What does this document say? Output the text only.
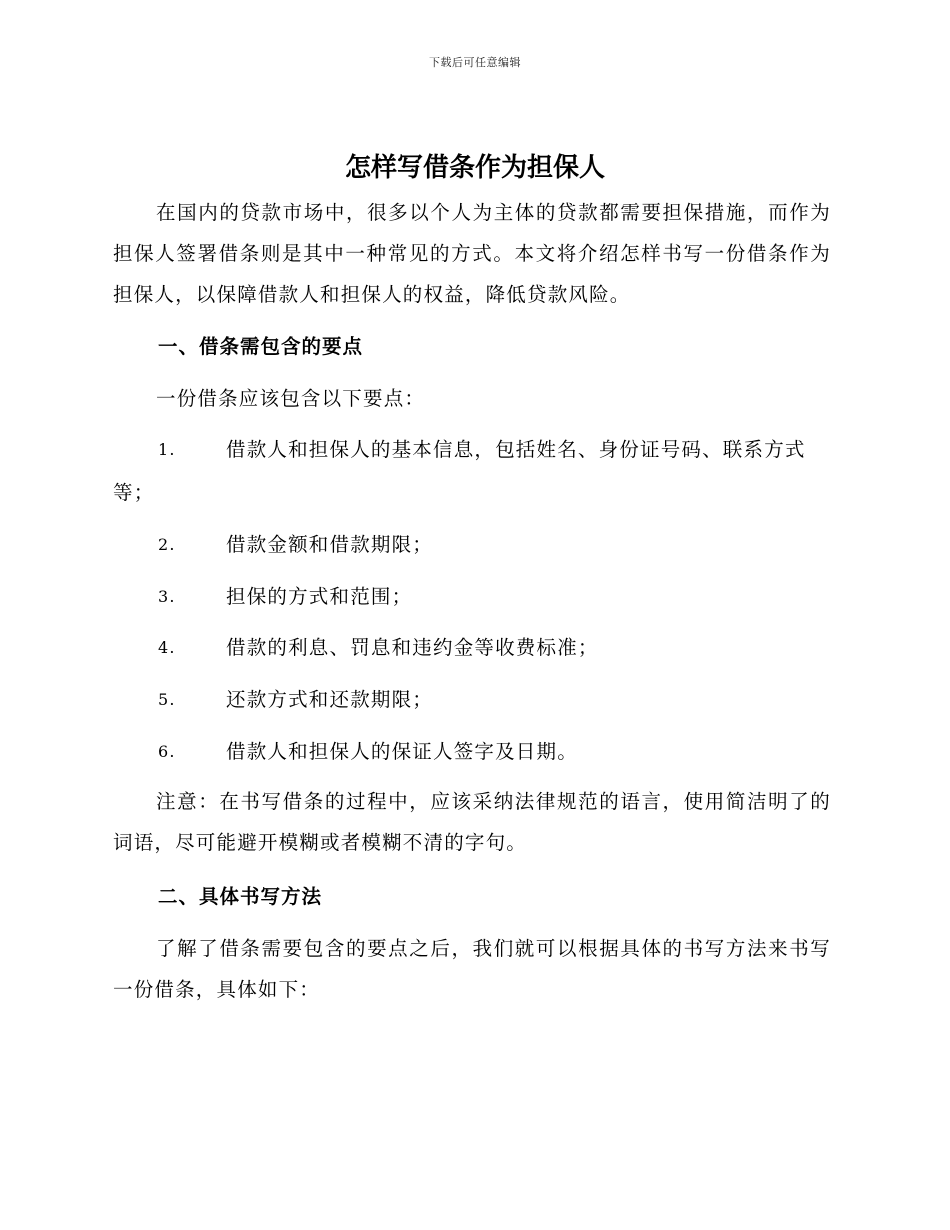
下载后可任意编辑
怎样写借条作为担保人

在国内的贷款市场中，很多以个人为主体的贷款都需要担保措施，而作为担保人签署借条则是其中一种常见的方式。本文将介绍怎样书写一份借条作为担保人，以保障借款人和担保人的权益，降低贷款风险。

一、借条需包含的要点

一份借条应该包含以下要点：

1.	借款人和担保人的基本信息，包括姓名、身份证号码、联系方式等；
2.	借款金额和借款期限；
3.	担保的方式和范围；
4.	借款的利息、罚息和违约金等收费标准；
5.	还款方式和还款期限；
6.	借款人和担保人的保证人签字及日期。

注意：在书写借条的过程中，应该采纳法律规范的语言，使用简洁明了的词语，尽可能避开模糊或者模糊不清的字句。

二、具体书写方法

了解了借条需要包含的要点之后，我们就可以根据具体的书写方法来书写一份借条，具体如下：
